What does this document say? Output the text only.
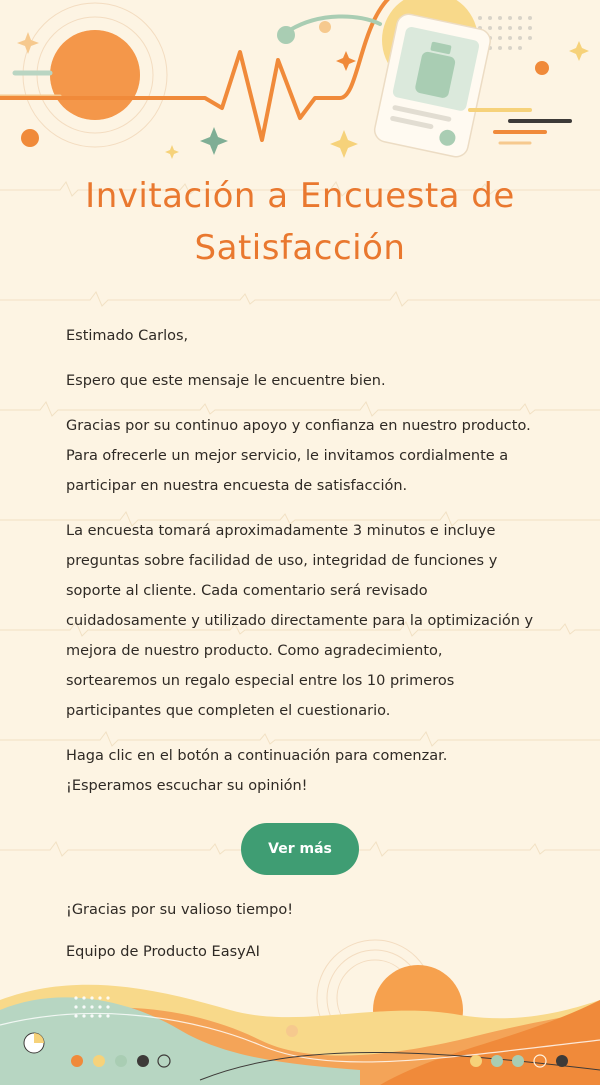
Invitación a Encuesta de Satisfacción

Estimado Carlos,

Espero que este mensaje le encuentre bien.

Gracias por su continuo apoyo y confianza en nuestro producto. Para ofrecerle un mejor servicio, le invitamos cordialmente a participar en nuestra encuesta de satisfacción.

La encuesta tomará aproximadamente 3 minutos e incluye preguntas sobre facilidad de uso, integridad de funciones y soporte al cliente. Cada comentario será revisado cuidadosamente y utilizado directamente para la optimización y mejora de nuestro producto. Como agradecimiento, sortearemos un regalo especial entre los 10 primeros participantes que completen el cuestionario.

Haga clic en el botón a continuación para comenzar. ¡Esperamos escuchar su opinión!

Ver más

¡Gracias por su valioso tiempo!

Equipo de Producto EasyAI
